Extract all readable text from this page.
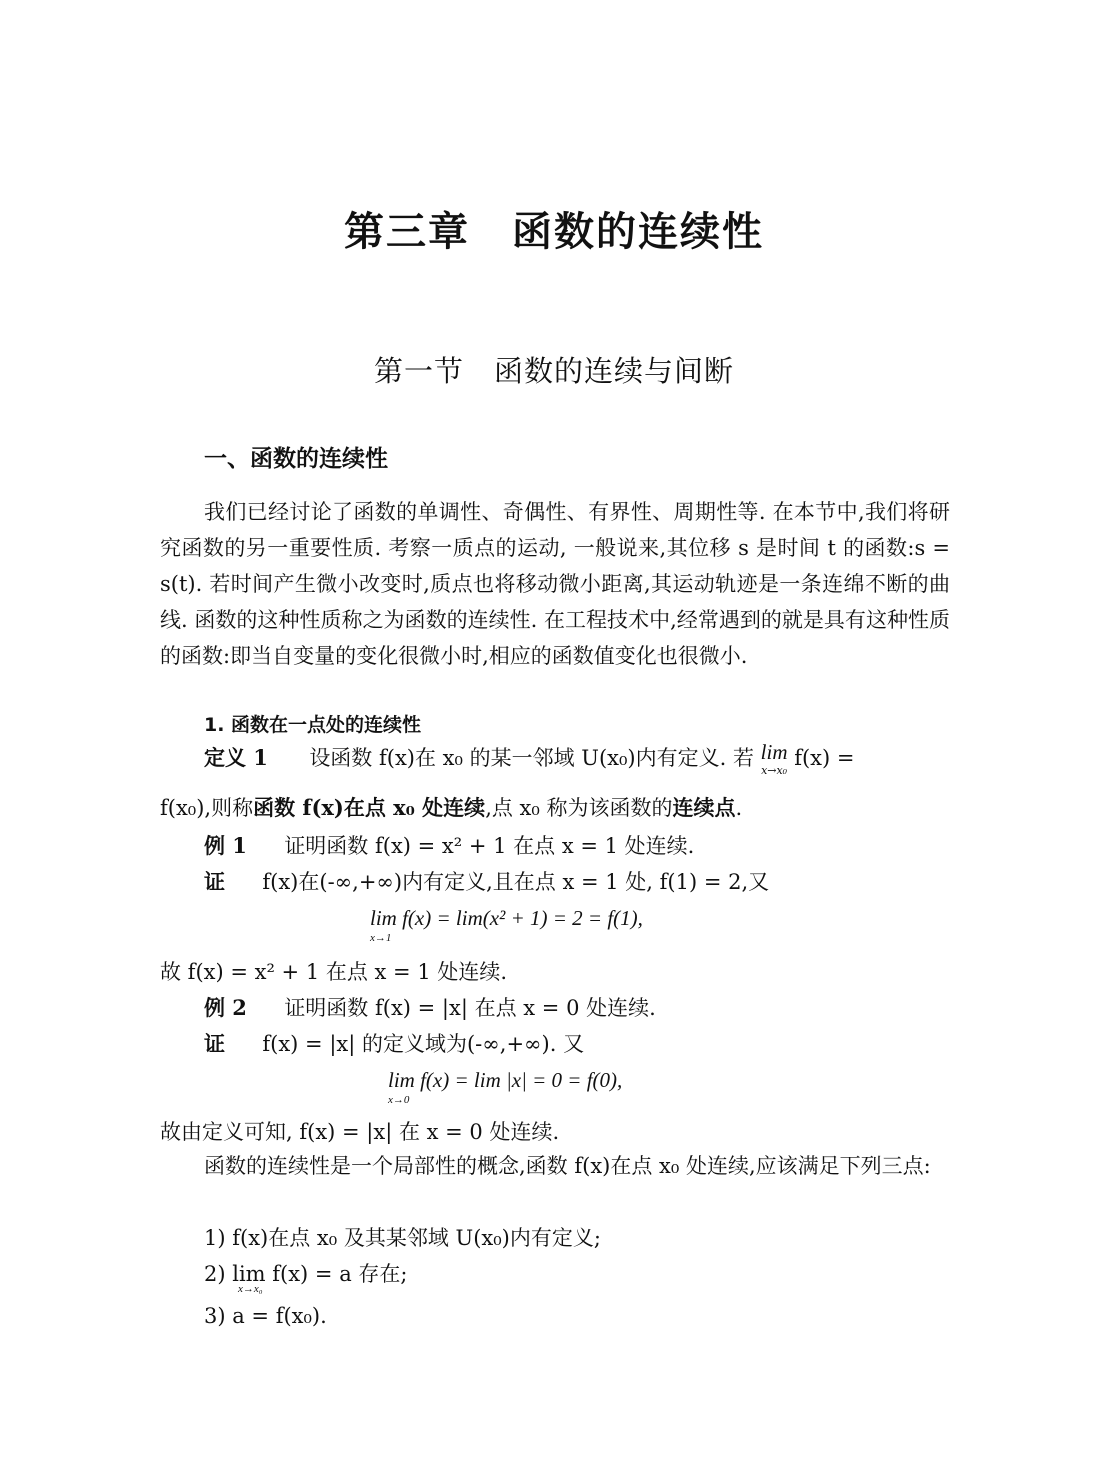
第三章　函数的连续性
第一节　函数的连续与间断
一、函数的连续性
我们已经讨论了函数的单调性、奇偶性、有界性、周期性等. 在本节中,我们将研究函数的另一重要性质. 考察一质点的运动, 一般说来,其位移 s 是时间 t 的函数:s = s(t). 若时间产生微小改变时,质点也将移动微小距离,其运动轨迹是一条连绵不断的曲线. 函数的这种性质称之为函数的连续性. 在工程技术中,经常遇到的就是具有这种性质的函数:即当自变量的变化很微小时,相应的函数值变化也很微小.
1. 函数在一点处的连续性
定义 1 设函数 f(x)在 x₀ 的某一邻域 U(x₀)内有定义. 若 lim
x→x₀
f(x) =
f(x₀),则称函数 f(x)在点 x₀ 处连续,点 x₀ 称为该函数的连续点.
例 1 证明函数 f(x) = x² + 1 在点 x = 1 处连续.
证 f(x)在(-∞,+∞)内有定义,且在点 x = 1 处, f(1) = 2,又
lim f(x) = lim(x² + 1) = 2 = f(1),
x→1
故 f(x) = x² + 1 在点 x = 1 处连续.
例 2 证明函数 f(x) = |x| 在点 x = 0 处连续.
证 f(x) = |x| 的定义域为(-∞,+∞). 又
lim f(x) = lim |x| = 0 = f(0),
x→0
故由定义可知, f(x) = |x| 在 x = 0 处连续.
函数的连续性是一个局部性的概念,函数 f(x)在点 x₀ 处连续,应该满足下列三点:
1) f(x)在点 x₀ 及其某邻域 U(x₀)内有定义;
2) lim f(x) = a 存在;
x→x₀
3) a = f(x₀).
